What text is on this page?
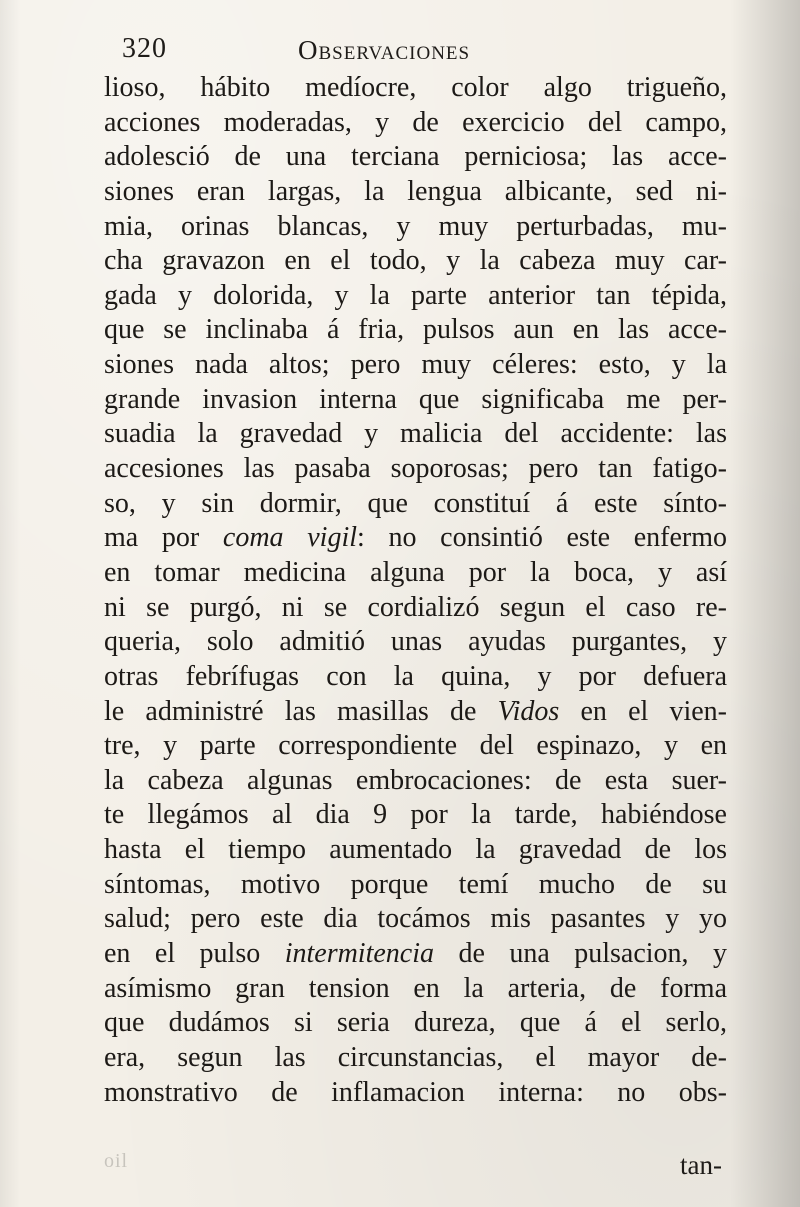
320	Observaciones
lioso, hábito medíocre, color algo trigueño,
acciones moderadas, y de exercicio del campo,
adolesció de una terciana perniciosa; las acce-
siones eran largas, la lengua albicante, sed ni-
mia, orinas blancas, y muy perturbadas, mu-
cha gravazon en el todo, y la cabeza muy car-
gada y dolorida, y la parte anterior tan tépida,
que se inclinaba á fria, pulsos aun en las acce-
siones nada altos; pero muy céleres: esto, y la
grande invasion interna que significaba me per-
suadia la gravedad y malicia del accidente: las
accesiones las pasaba soporosas; pero tan fatigo-
so, y sin dormir, que constituí á este sínto-
ma por coma vigil: no consintió este enfermo
en tomar medicina alguna por la boca, y así
ni se purgó, ni se cordializó segun el caso re-
queria, solo admitió unas ayudas purgantes, y
otras febrífugas con la quina, y por defuera
le administré las masillas de Vidos en el vien-
tre, y parte correspondiente del espinazo, y en
la cabeza algunas embrocaciones: de esta suer-
te llegámos al dia 9 por la tarde, habiéndose
hasta el tiempo aumentado la gravedad de los
síntomas, motivo porque temí mucho de su
salud; pero este dia tocámos mis pasantes y yo
en el pulso intermitencia de una pulsacion, y
asímismo gran tension en la arteria, de forma
que dudámos si seria dureza, que á el serlo,
era, segun las circunstancias, el mayor de-
monstrativo de inflamacion interna: no obs-
oil	tan-
